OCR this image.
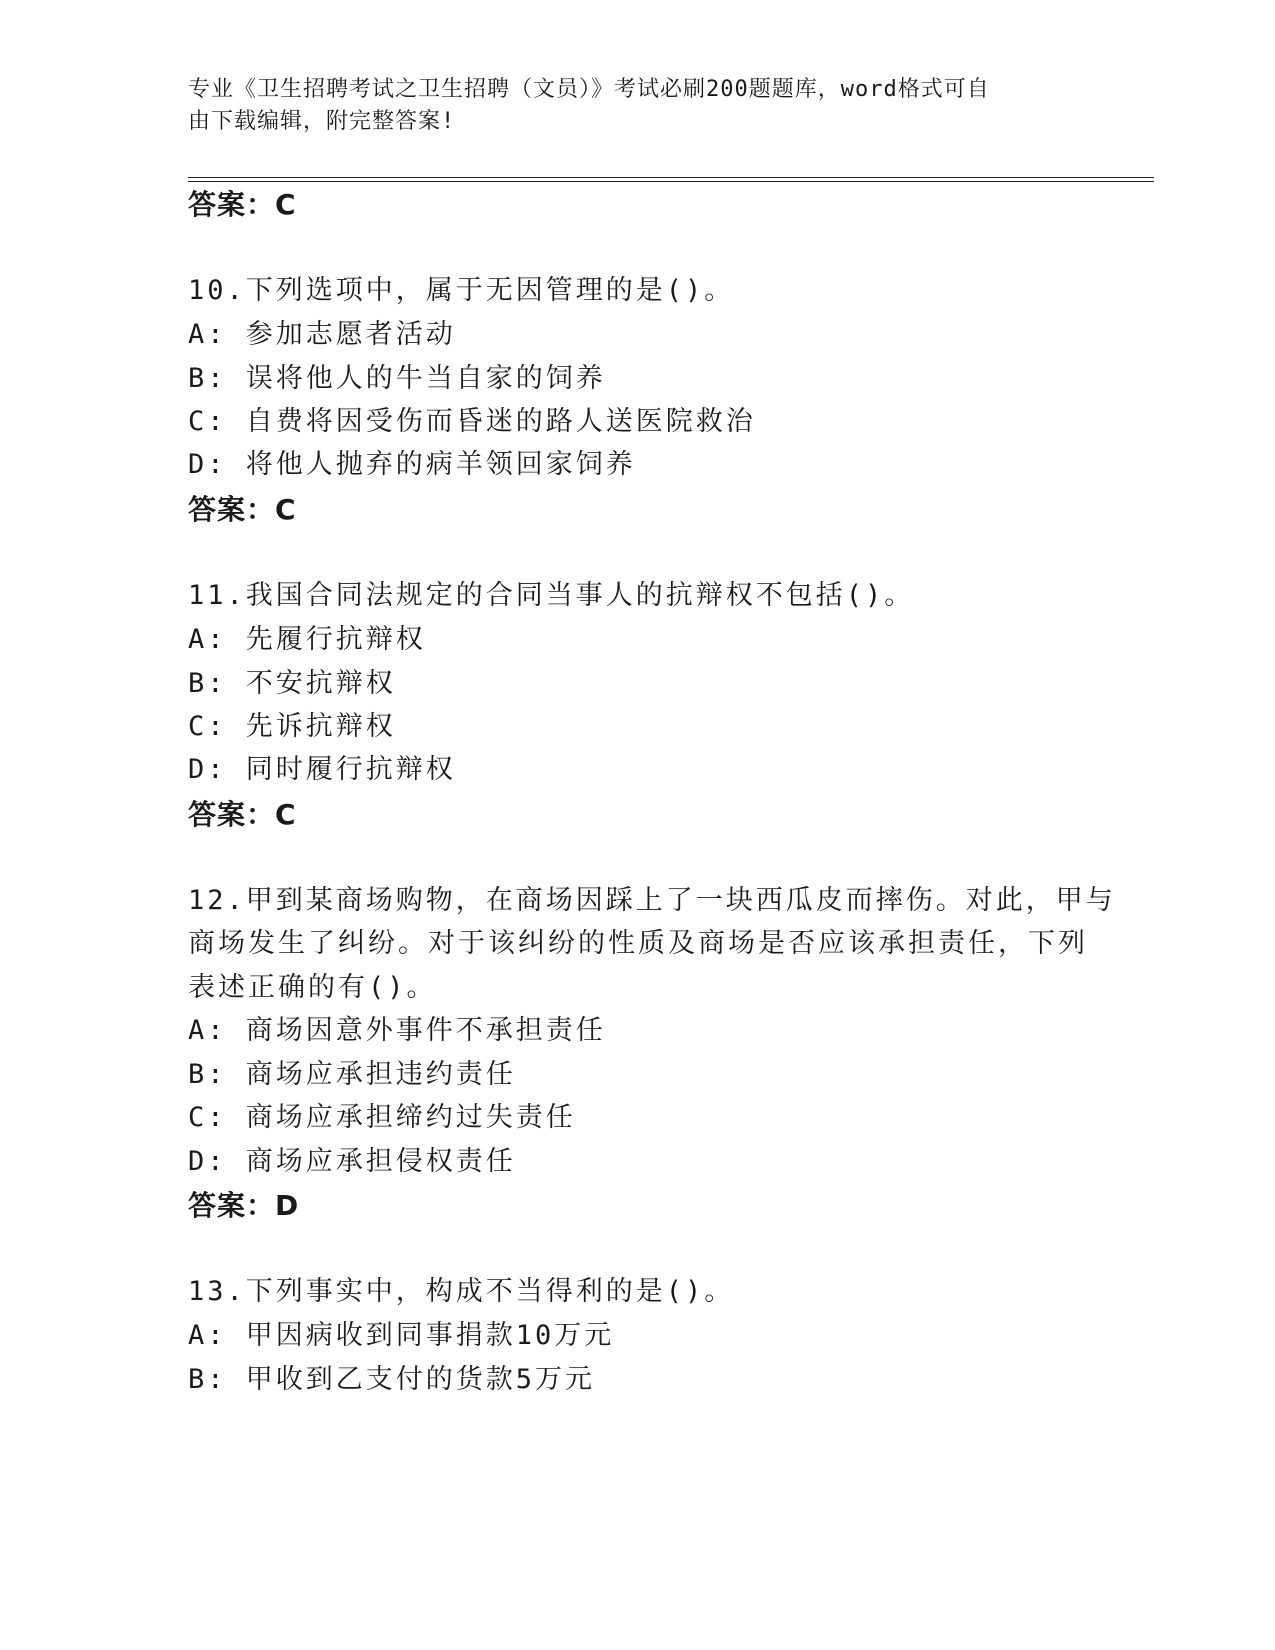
专业《卫生招聘考试之卫生招聘（文员）》考试必刷200题题库，word格式可自
由下载编辑，附完整答案!
答案：C
10.下列选项中，属于无因管理的是()。
A: 参加志愿者活动
B: 误将他人的牛当自家的饲养
C: 自费将因受伤而昏迷的路人送医院救治
D: 将他人抛弃的病羊领回家饲养
答案：C
11.我国合同法规定的合同当事人的抗辩权不包括()。
A: 先履行抗辩权
B: 不安抗辩权
C: 先诉抗辩权
D: 同时履行抗辩权
答案：C
12.甲到某商场购物，在商场因踩上了一块西瓜皮而摔伤。对此，甲与
商场发生了纠纷。对于该纠纷的性质及商场是否应该承担责任，下列
表述正确的有()。
A: 商场因意外事件不承担责任
B: 商场应承担违约责任
C: 商场应承担缔约过失责任
D: 商场应承担侵权责任
答案：D
13.下列事实中，构成不当得利的是()。
A: 甲因病收到同事捐款10万元
B: 甲收到乙支付的货款5万元
